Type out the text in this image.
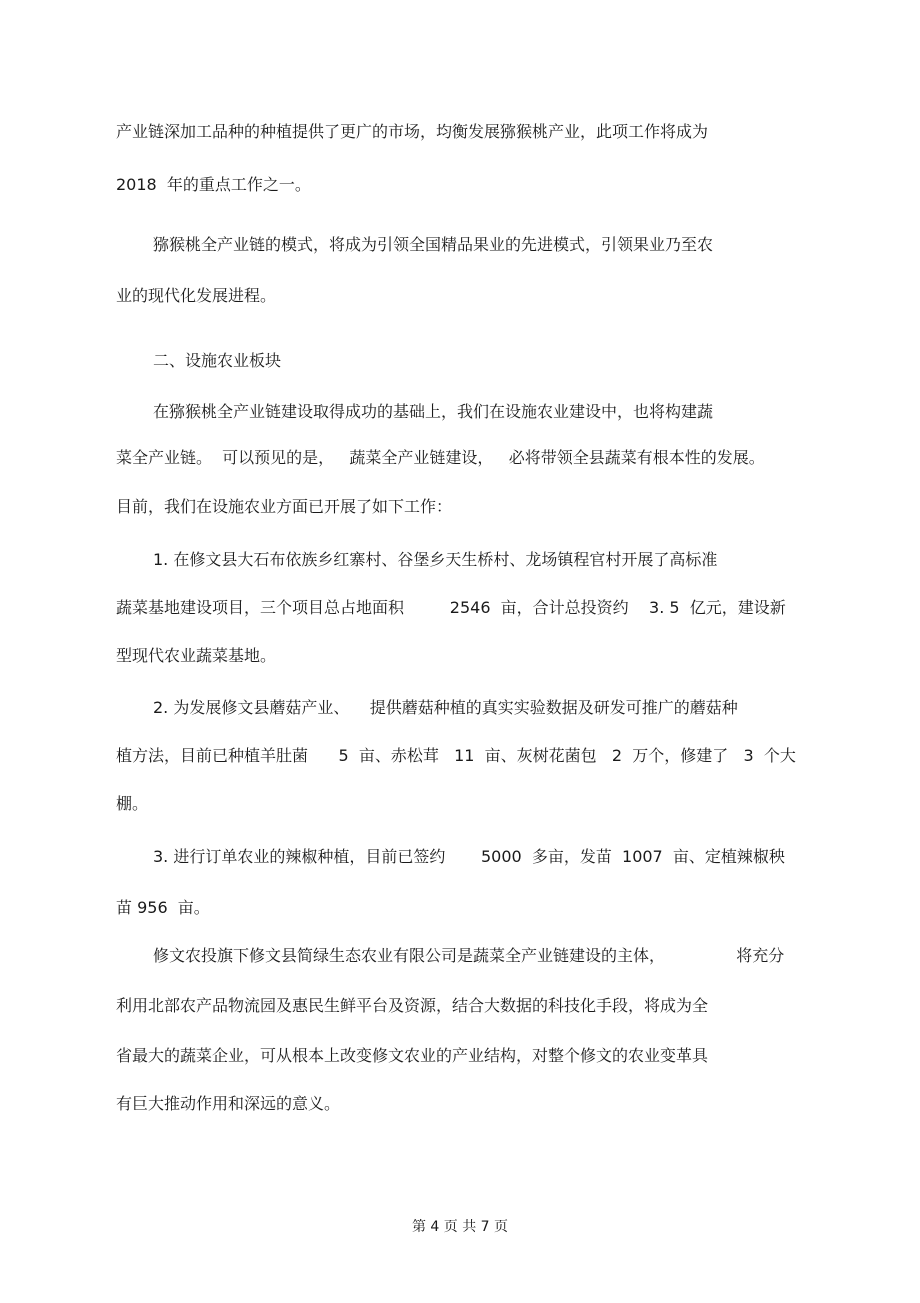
产业链深加工品种的种植提供了更广的市场，均衡发展猕猴桃产业，此项工作将成为
2018  年的重点工作之一。
猕猴桃全产业链的模式，将成为引领全国精品果业的先进模式，引领果业乃至农
业的现代化发展进程。
二、设施农业板块
在猕猴桃全产业链建设取得成功的基础上，我们在设施农业建设中，也将构建蔬
菜全产业链。  可以预见的是，   蔬菜全产业链建设，   必将带领全县蔬菜有根本性的发展。
目前，我们在设施农业方面已开展了如下工作：
1. 在修文县大石布依族乡红寨村、谷堡乡天生桥村、龙场镇程官村开展了高标准
蔬菜基地建设项目，三个项目总占地面积         2546  亩，合计总投资约    3. 5  亿元，建设新
型现代农业蔬菜基地。
2. 为发展修文县蘑菇产业、    提供蘑菇种植的真实实验数据及研发可推广的蘑菇种
植方法，目前已种植羊肚菌      5  亩、赤松茸   11  亩、灰树花菌包   2  万个，修建了   3  个大
棚。
3. 进行订单农业的辣椒种植，目前已签约       5000  多亩，发苗  1007  亩、定植辣椒秧
苗 956  亩。
修文农投旗下修文县简绿生态农业有限公司是蔬菜全产业链建设的主体，              将充分
利用北部农产品物流园及惠民生鲜平台及资源，结合大数据的科技化手段，将成为全
省最大的蔬菜企业，可从根本上改变修文农业的产业结构，对整个修文的农业变革具
有巨大推动作用和深远的意义。
第 4 页 共 7 页
